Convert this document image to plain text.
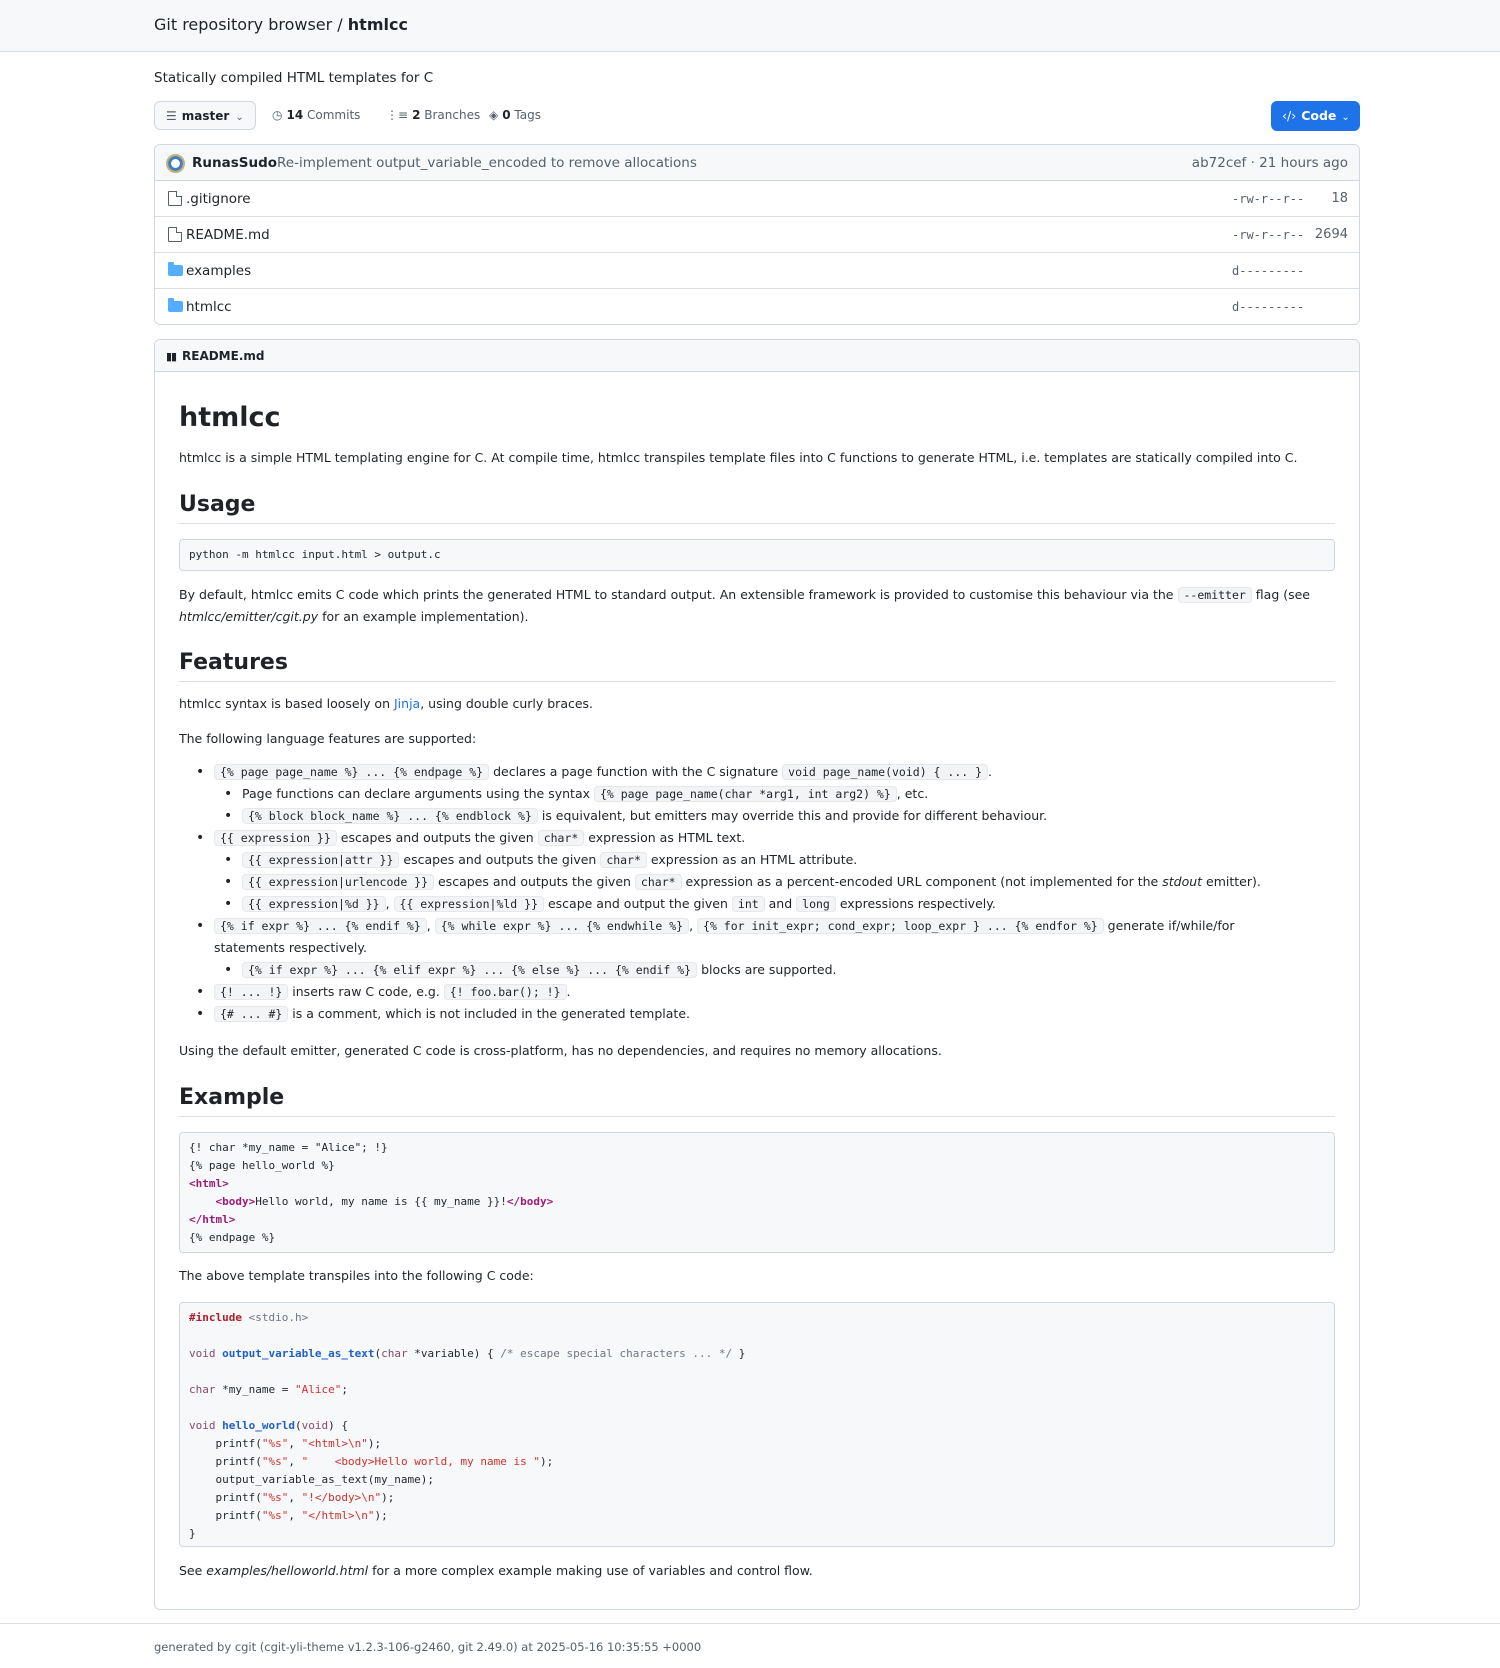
Git repository browser / htmlcc
Statically compiled HTML templates for C
☰ master ⌄	◷ 14 Commits ⋮≡ 2 Branches ◈ 0 Tags	‹/› Code ⌄
RunasSudo Re-implement output_variable_encoded to remove allocations	ab72cef · 21 hours ago
.gitignore	-rw-r--r-- 18
README.md	-rw-r--r-- 2694
examples	d---------
htmlcc	d---------
▮▮ README.md
htmlcc
htmlcc is a simple HTML templating engine for C. At compile time, htmlcc transpiles template files into C functions to generate HTML, i.e. templates are statically compiled into C.
Usage
python -m htmlcc input.html > output.c
By default, htmlcc emits C code which prints the generated HTML to standard output. An extensible framework is provided to customise this behaviour via the --emitter flag (see
htmlcc/emitter/cgit.py for an example implementation).
Features
htmlcc syntax is based loosely on Jinja, using double curly braces.
The following language features are supported:
• {% page page_name %} ... {% endpage %} declares a page function with the C signature void page_name(void) { ... } .
• Page functions can declare arguments using the syntax {% page page_name(char *arg1, int arg2) %} , etc.
• {% block block_name %} ... {% endblock %} is equivalent, but emitters may override this and provide for different behaviour.
• {{ expression }} escapes and outputs the given char* expression as HTML text.
• {{ expression|attr }} escapes and outputs the given char* expression as an HTML attribute.
• {{ expression|urlencode }} escapes and outputs the given char* expression as a percent-encoded URL component (not implemented for the stdout emitter).
• {{ expression|%d }} , {{ expression|%ld }} escape and output the given int and long expressions respectively.
• {% if expr %} ... {% endif %} , {% while expr %} ... {% endwhile %} , {% for init_expr; cond_expr; loop_expr } ... {% endfor %} generate if/while/for
statements respectively.
• {% if expr %} ... {% elif expr %} ... {% else %} ... {% endif %} blocks are supported.
• {! ... !} inserts raw C code, e.g. {! foo.bar(); !} .
• {# ... #} is a comment, which is not included in the generated template.
Using the default emitter, generated C code is cross-platform, has no dependencies, and requires no memory allocations.
Example
{! char *my_name = "Alice"; !}
{% page hello_world %}
<html>
<body>Hello world, my name is {{ my_name }}!</body>
</html>
{% endpage %}
The above template transpiles into the following C code:
#include <stdio.h>

void output_variable_as_text(char *variable) { /* escape special characters ... */ }

char *my_name = "Alice";

void hello_world(void) {
printf("%s", "<html>\n");
printf("%s", "    <body>Hello world, my name is ");
output_variable_as_text(my_name);
printf("%s", "!</body>\n");
printf("%s", "</html>\n");
}
See examples/helloworld.html for a more complex example making use of variables and control flow.
generated by cgit (cgit-yli-theme v1.2.3-106-g2460, git 2.49.0) at 2025-05-16 10:35:55 +0000
